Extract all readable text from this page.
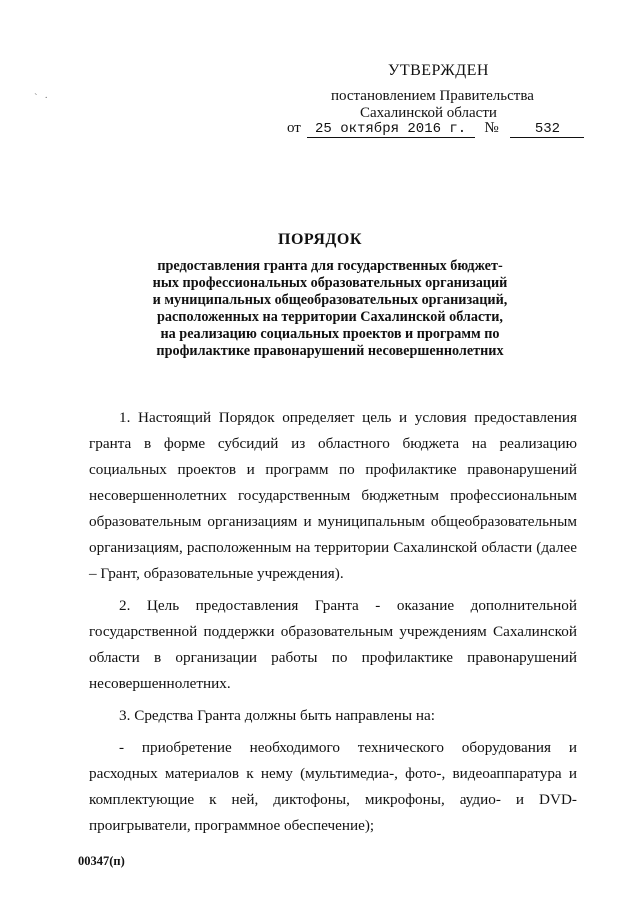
` ·
УТВЕРЖДЕН
постановлением Правительства
Сахалинской области
от 25 октября 2016 г. №	532
ПОРЯДОК
предоставления гранта для государственных бюджет-
ных профессиональных образовательных организаций
и муниципальных общеобразовательных организаций,
расположенных на территории Сахалинской области,
на реализацию социальных проектов и программ по
профилактике правонарушений несовершеннолетних

1. Настоящий Порядок определяет цель и условия предоставления гранта в форме субсидий из областного бюджета на реализацию социальных проектов и программ по профилактике правонарушений несовершеннолетних государственным бюджетным профессиональным образовательным организациям и муниципальным общеобразовательным организациям, расположенным на территории Сахалинской области (далее – Грант, образовательные учреждения).

2. Цель предоставления Гранта - оказание дополнительной государственной поддержки образовательным учреждениям Сахалинской области в организации работы по профилактике правонарушений несовершеннолетних.

3. Средства Гранта должны быть направлены на:

- приобретение необходимого технического оборудования и расходных материалов к нему (мультимедиа-, фото-, видеоаппаратура и комплектующие к ней, диктофоны, микрофоны, аудио- и DVD-проигрыватели, программное обеспечение);

00347(п)
